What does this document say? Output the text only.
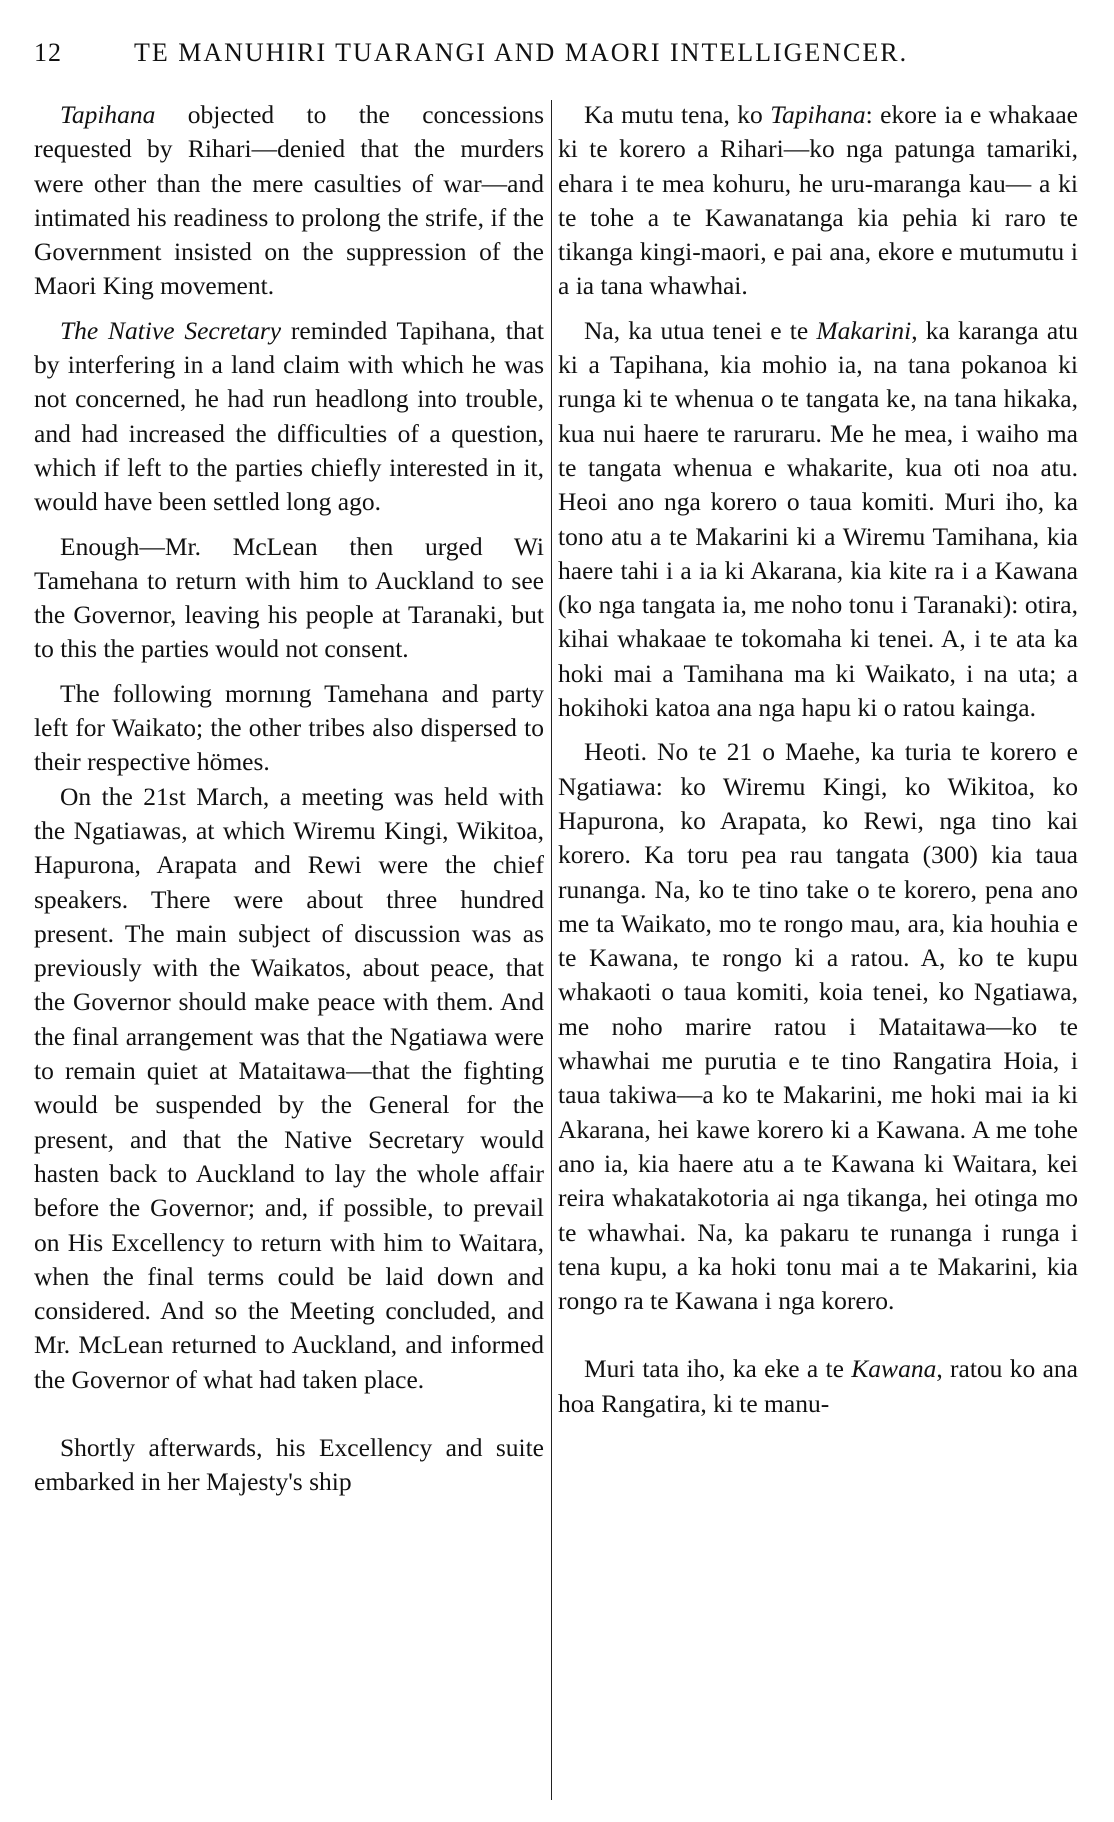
12	TE MANUHIRI TUARANGI AND MAORI INTELLIGENCER.

Tapihana objected to the concessions requested by Rihari—denied that the murders were other than the mere casulties of war—and intimated his readiness to prolong the strife, if the Government insisted on the suppression of the Maori King movement.

The Native Secretary reminded Tapihana, that by interfering in a land claim with which he was not concerned, he had run headlong into trouble, and had increased the difficulties of a question, which if left to the parties chiefly interested in it, would have been settled long ago.

Enough—Mr. McLean then urged Wi Tamehana to return with him to Auckland to see the Governor, leaving his people at Taranaki, but to this the parties would not consent.

The following mornıng Tamehana and party left for Waikato; the other tribes also dispersed to their respective hömes.

On the 21st March, a meeting was held with the Ngatiawas, at which Wiremu Kingi, Wikitoa, Hapurona, Arapata and Rewi were the chief speakers. There were about three hundred present. The main subject of discussion was as previously with the Waikatos, about peace, that the Governor should make peace with them. And the final arrangement was that the Ngatiawa were to remain quiet at Mataitawa—that the fighting would be suspended by the General for the present, and that the Native Secretary would hasten back to Auckland to lay the whole affair before the Governor; and, if possible, to prevail on His Excellency to return with him to Waitara, when the final terms could be laid down and considered. And so the Meeting concluded, and Mr. McLean returned to Auckland, and informed the Governor of what had taken place.

Shortly afterwards, his Excellency and suite embarked in her Majesty's ship

Ka mutu tena, ko Tapihana: ekore ia e whakaae ki te korero a Rihari—ko nga patunga tamariki, ehara i te mea kohuru, he uru-maranga kau— a ki te tohe a te Kawanatanga kia pehia ki raro te tikanga kingi-maori, e pai ana, ekore e mutumutu i a ia tana whawhai.

Na, ka utua tenei e te Makarini, ka karanga atu ki a Tapihana, kia mohio ia, na tana pokanoa ki runga ki te whenua o te tangata ke, na tana hikaka, kua nui haere te raruraru. Me he mea, i waiho ma te tangata whenua e whakarite, kua oti noa atu. Heoi ano nga korero o taua komiti. Muri iho, ka tono atu a te Makarini ki a Wiremu Tamihana, kia haere tahi i a ia ki Akarana, kia kite ra i a Kawana (ko nga tangata ia, me noho tonu i Taranaki): otira, kihai whakaae te tokomaha ki tenei. A, i te ata ka hoki mai a Tamihana ma ki Waikato, i na uta; a hokihoki katoa ana nga hapu ki o ratou kainga.

Heoti. No te 21 o Maehe, ka turia te korero e Ngatiawa: ko Wiremu Kingi, ko Wikitoa, ko Hapurona, ko Arapata, ko Rewi, nga tino kai korero. Ka toru pea rau tangata (300) kia taua runanga. Na, ko te tino take o te korero, pena ano me ta Waikato, mo te rongo mau, ara, kia houhia e te Kawana, te rongo ki a ratou. A, ko te kupu whakaoti o taua komiti, koia tenei, ko Ngatiawa, me noho marire ratou i Mataitawa—ko te whawhai me purutia e te tino Rangatira Hoia, i taua takiwa—a ko te Makarini, me hoki mai ia ki Akarana, hei kawe korero ki a Kawana. A me tohe ano ia, kia haere atu a te Kawana ki Waitara, kei reira whakatakotoria ai nga tikanga, hei otinga mo te whawhai. Na, ka pakaru te runanga i runga i tena kupu, a ka hoki tonu mai a te Makarini, kia rongo ra te Kawana i nga korero.

Muri tata iho, ka eke a te Kawana, ratou ko ana hoa Rangatira, ki te manu-
